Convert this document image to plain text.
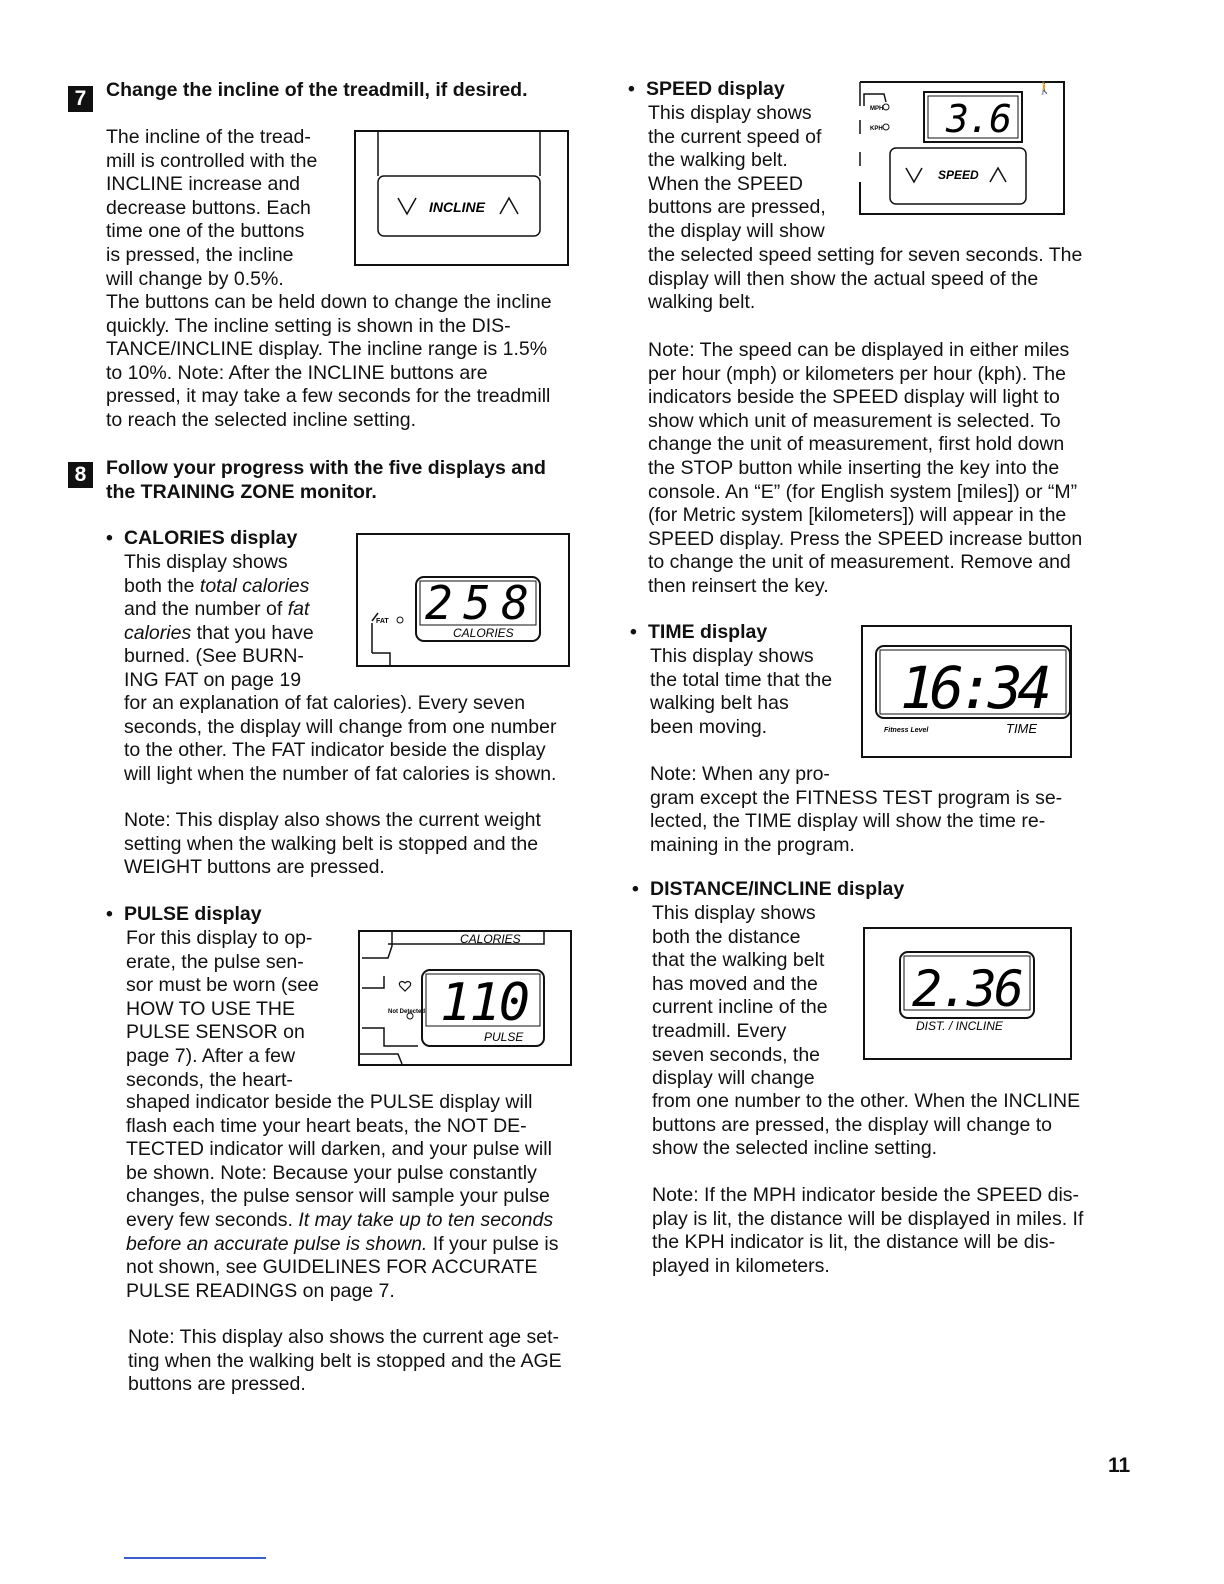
7	Change the incline of the treadmill, if desired.

The incline of the tread-

mill is controlled with the

INCLINE increase and

decrease buttons. Each

time one of the buttons

is pressed, the incline

will change by 0.5%.

INCLINE

The buttons can be held down to change the incline

quickly. The incline setting is shown in the DIS-

TANCE/INCLINE display. The incline range is 1.5%

to 10%. Note: After the INCLINE buttons are

pressed, it may take a few seconds for the treadmill

to reach the selected incline setting.

8	Follow your progress with the five displays and

the TRAINING ZONE monitor.

• CALORIES display

This display shows

both the total calories

and the number of fat

calories that you have

burned. (See BURN-

ING FAT on page 19

FAT 258
CALORIES

for an explanation of fat calories). Every seven

seconds, the display will change from one number

to the other. The FAT indicator beside the display

will light when the number of fat calories is shown.

Note: This display also shows the current weight

setting when the walking belt is stopped and the

WEIGHT buttons are pressed.

• PULSE display

For this display to op-

erate, the pulse sen-

sor must be worn (see

HOW TO USE THE

PULSE SENSOR on

page 7). After a few

seconds, the heart-

CALORIES
Not Detected 110
PULSE

shaped indicator beside the PULSE display will

flash each time your heart beats, the NOT DE-

TECTED indicator will darken, and your pulse will

be shown. Note: Because your pulse constantly

changes, the pulse sensor will sample your pulse

every few seconds. It may take up to ten seconds

before an accurate pulse is shown. If your pulse is

not shown, see GUIDELINES FOR ACCURATE

PULSE READINGS on page 7.

Note: This display also shows the current age set-

ting when the walking belt is stopped and the AGE

buttons are pressed.

• SPEED display

This display shows

the current speed of

the walking belt.

When the SPEED

buttons are pressed,

the display will show

🚶
MPH
KPH 3.6
SPEED

the selected speed setting for seven seconds. The

display will then show the actual speed of the

walking belt.

Note: The speed can be displayed in either miles

per hour (mph) or kilometers per hour (kph). The

indicators beside the SPEED display will light to

show which unit of measurement is selected. To

change the unit of measurement, first hold down

the STOP button while inserting the key into the

console. An “E” (for English system [miles]) or “M”

(for Metric system [kilometers]) will appear in the

SPEED display. Press the SPEED increase button

to change the unit of measurement. Remove and

then reinsert the key.

• TIME display

This display shows

the total time that the

walking belt has

been moving.

16:34
Fitness Level	TIME

Note: When any pro-

gram except the FITNESS TEST program is se-

lected, the TIME display will show the time re-

maining in the program.

• DISTANCE/INCLINE display

This display shows

both the distance

that the walking belt

has moved and the

current incline of the

treadmill. Every

seven seconds, the

display will change

2.36
DIST. / INCLINE

from one number to the other. When the INCLINE

buttons are pressed, the display will change to

show the selected incline setting.

Note: If the MPH indicator beside the SPEED dis-

play is lit, the distance will be displayed in miles. If

the KPH indicator is lit, the distance will be dis-

played in kilometers.

11
